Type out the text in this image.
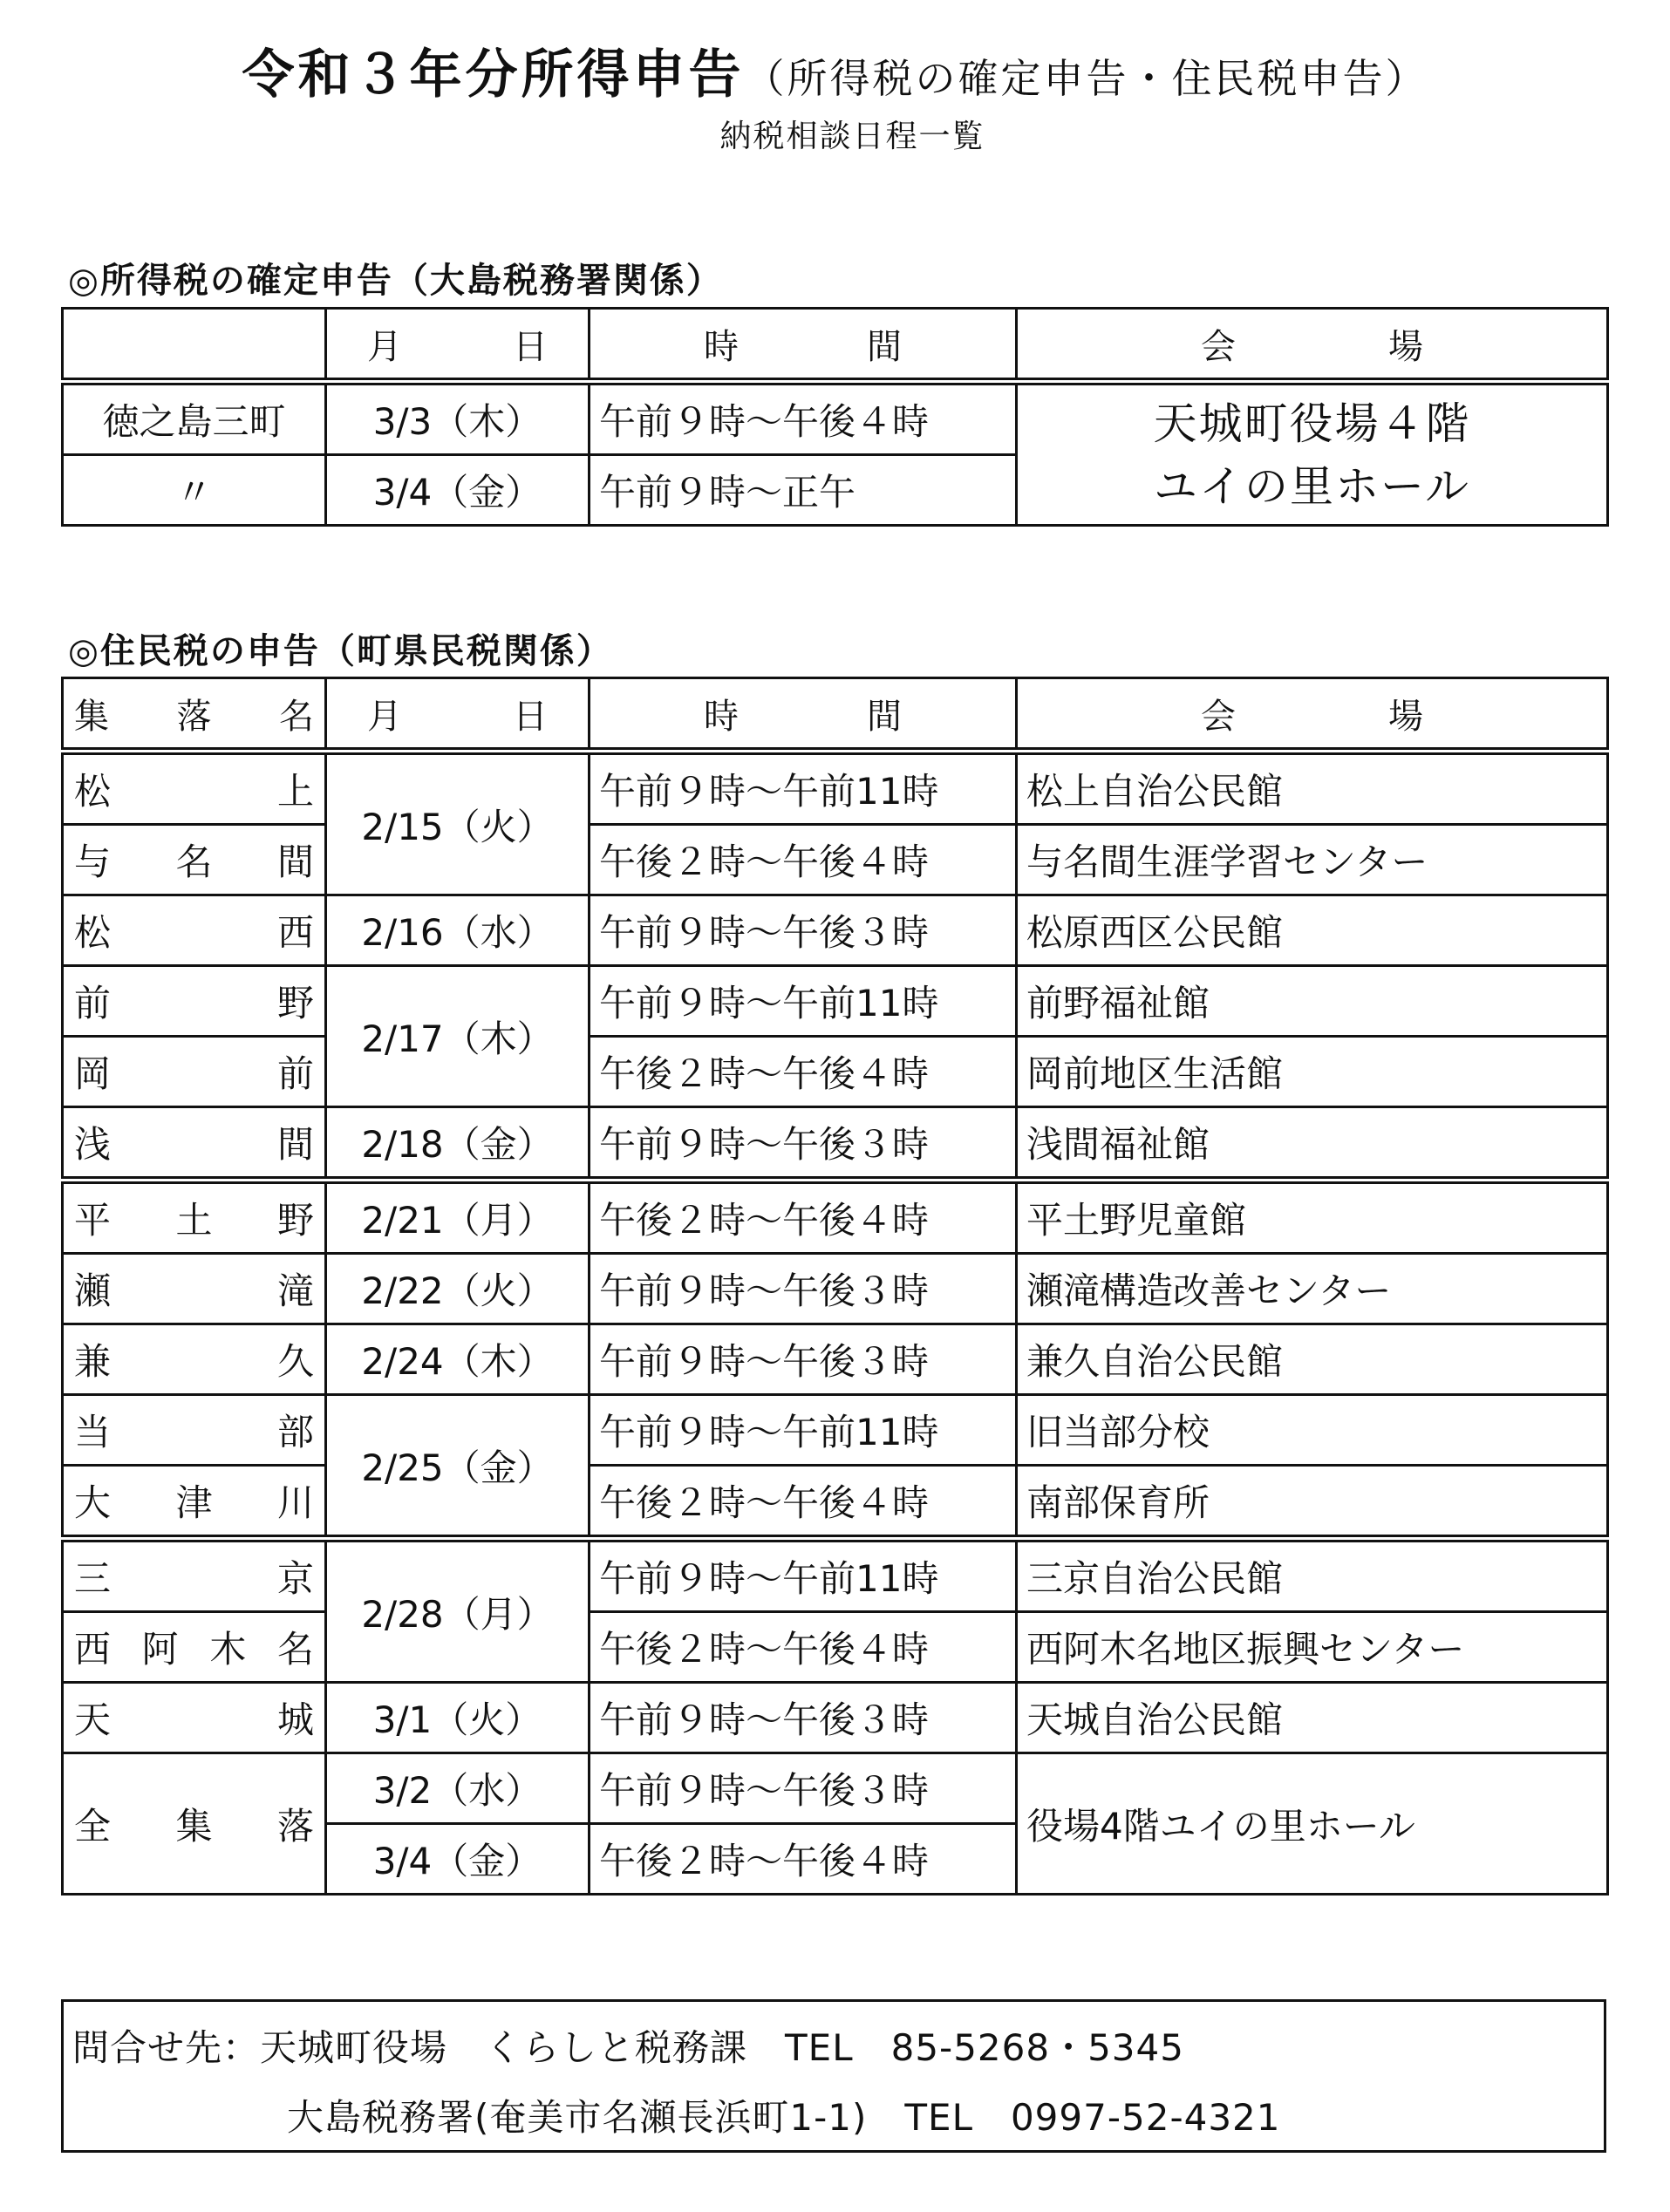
令和３年分所得申告（所得税の確定申告・住民税申告）
納税相談日程一覧
◎所得税の確定申告（大島税務署関係）

	月 日	時 間	会 場

徳之島三町	3/3（木）	午前９時～午後４時	天城町役場４階
ユイの里ホール

〃	3/4（金）	午前９時～正午	
◎住民税の申告（町県民税関係）
集 落 名	月 日	時 間	会 場

松 上	2/15（火）	午前９時～午前11時	松上自治公民館

与 名 間		午後２時～午後４時	与名間生涯学習センター

松 西	2/16（水）	午前９時～午後３時	松原西区公民館

前 野	2/17（木）	午前９時～午前11時	前野福祉館

岡 前		午後２時～午後４時	岡前地区生活館

浅 間	2/18（金）	午前９時～午後３時	浅間福祉館

平 土 野	2/21（月）	午後２時～午後４時	平土野児童館

瀬 滝	2/22（火）	午前９時～午後３時	瀬滝構造改善センター

兼 久	2/24（木）	午前９時～午後３時	兼久自治公民館

当 部	2/25（金）	午前９時～午前11時	旧当部分校

大 津 川		午後２時～午後４時	南部保育所

三 京	2/28（月）	午前９時～午前11時	三京自治公民館

西 阿 木 名		午後２時～午後４時	西阿木名地区振興センター

天 城	3/1（火）	午前９時～午後３時	天城自治公民館

全 集 落	3/2（水）	午前９時～午後３時	役場4階ユイの里ホール
	3/4（金）	午後２時～午後４時	
問合せ先：天城町役場　くらしと税務課　TEL　85-5268・5345
大島税務署(奄美市名瀬長浜町1-1)　TEL　0997-52-4321
